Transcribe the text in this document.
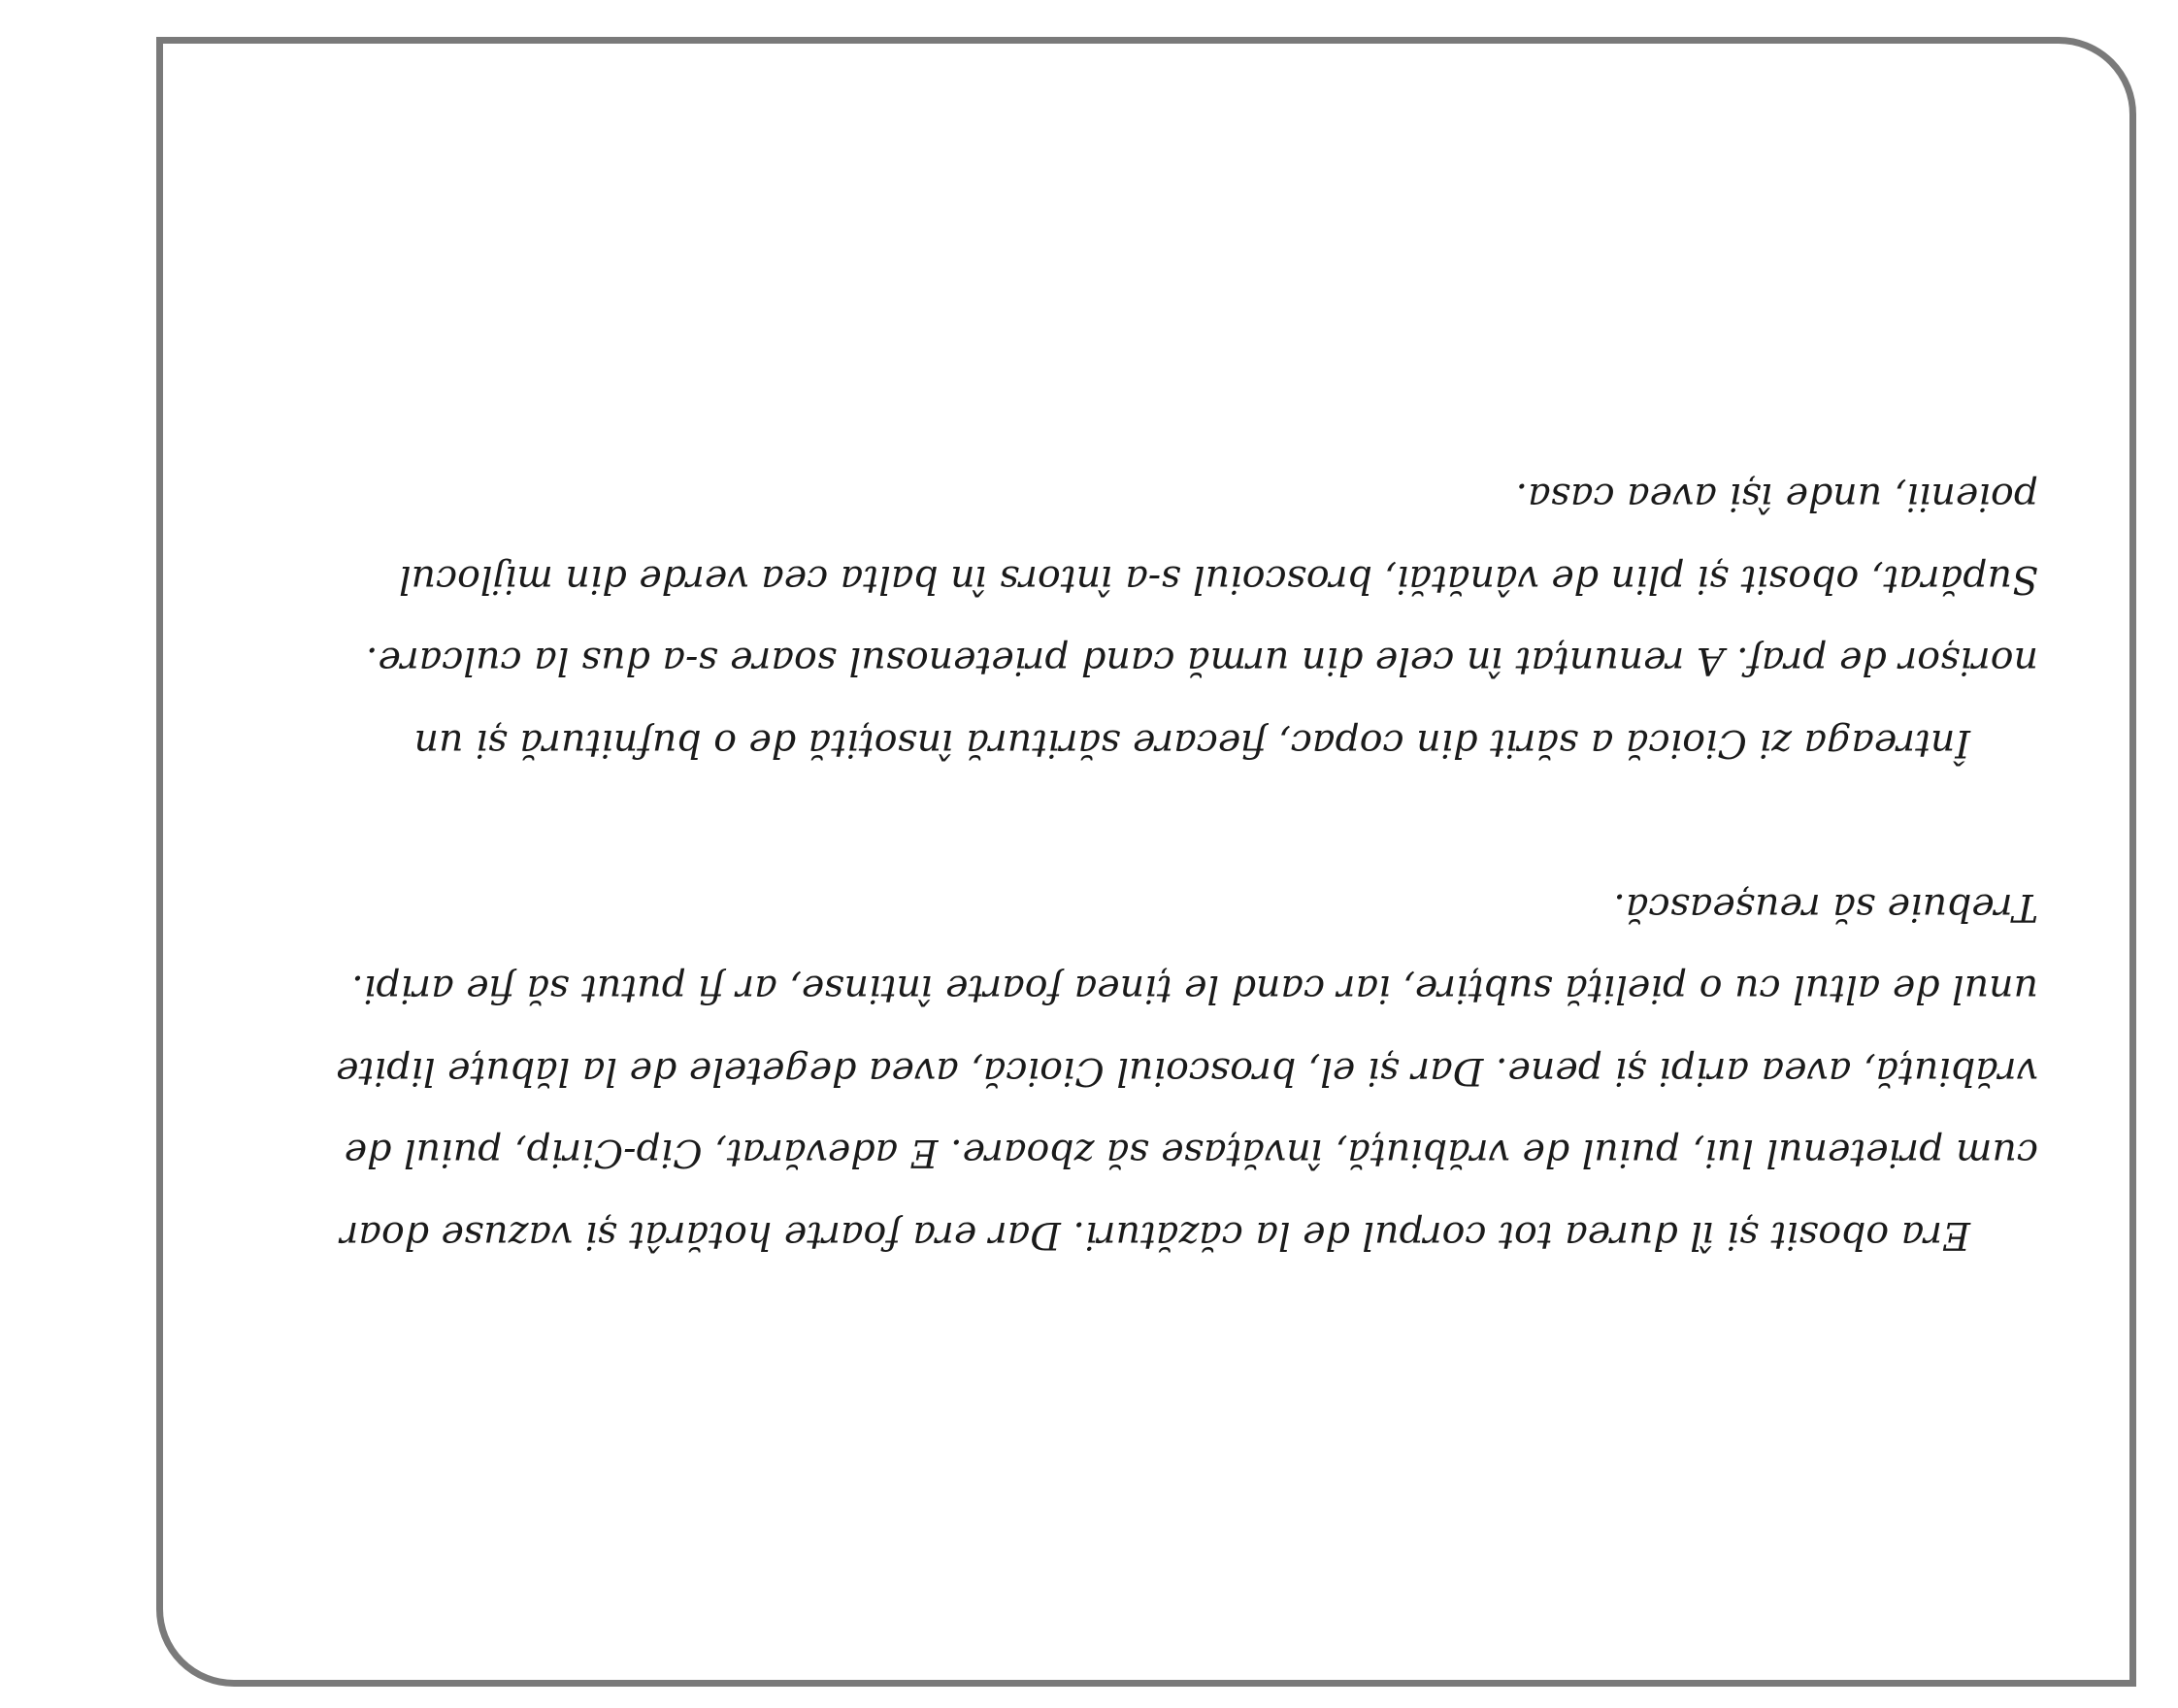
Era obosit și îl durea tot corpul de la căzături. Dar era foarte hotărât și vazuse doar cum prietenul lui, puiul de vrăbiuță, învățase să zboare. E adevărat, Cip-Cirip, puiul de vrăbiuță, avea aripi și pene. Dar și el, broscoiul Cioică, avea degetele de la lăbuțe lipite unul de altul cu o pieliță subțire, iar cand le ținea foarte întinse, ar fi putut să fie aripi. Trebuie să reușească.

Întreaga zi Cioică a sărit din copac, fiecare săritură însoțită de o bufnitură și un norișor de praf. A renunțat în cele din urmă cand prietenosul soare s-a dus la culcare. Supărat, obosit și plin de vânătăi, broscoiul s-a întors în balta cea verde din mijlocul poienii, unde își avea casa.
